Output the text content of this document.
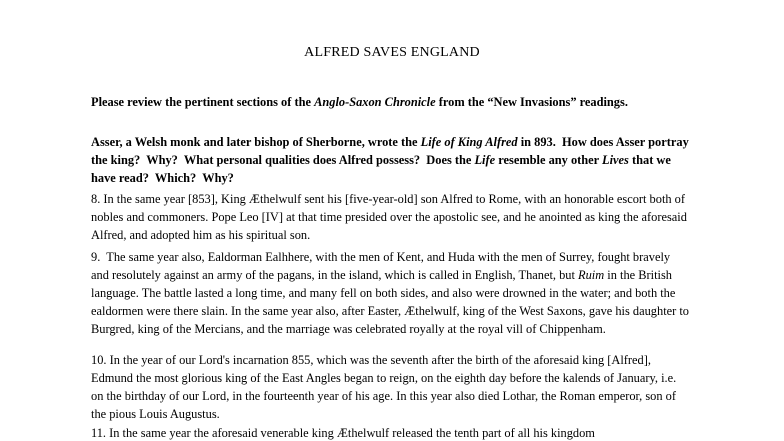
ALFRED SAVES ENGLAND
Please review the pertinent sections of the Anglo-Saxon Chronicle from the “New Invasions” readings.
Asser, a Welsh monk and later bishop of Sherborne, wrote the Life of King Alfred in 893.  How does Asser portray the king?  Why?  What personal qualities does Alfred possess?  Does the Life resemble any other Lives that we have read?  Which?  Why?
8. In the same year [853], King Æthelwulf sent his [five-year-old] son Alfred to Rome, with an honorable escort both of nobles and commoners. Pope Leo [IV] at that time presided over the apostolic see, and he anointed as king the aforesaid Alfred, and adopted him as his spiritual son.
9.  The same year also, Ealdorman Ealhhere, with the men of Kent, and Huda with the men of Surrey, fought bravely and resolutely against an army of the pagans, in the island, which is called in English, Thanet, but Ruim in the British language. The battle lasted a long time, and many fell on both sides, and also were drowned in the water; and both the ealdormen were there slain. In the same year also, after Easter, Æthelwulf, king of the West Saxons, gave his daughter to Burgred, king of the Mercians, and the marriage was celebrated royally at the royal vill of Chippenham.
10. In the year of our Lord's incarnation 855, which was the seventh after the birth of the aforesaid king [Alfred], Edmund the most glorious king of the East Angles began to reign, on the eighth day before the kalends of January, i.e. on the birthday of our Lord, in the fourteenth year of his age. In this year also died Lothar, the Roman emperor, son of the pious Louis Augustus.
11. In the same year the aforesaid venerable king Æthelwulf released the tenth part of all his kingdom
